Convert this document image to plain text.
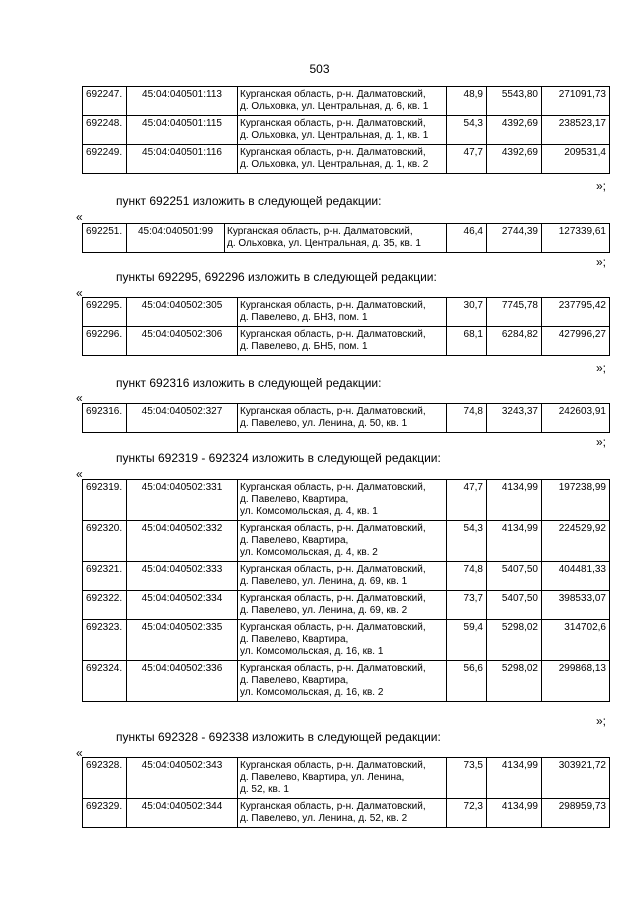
503
692247.	45:04:040501:113	Курганская область, р-н. Далматовский,
д. Ольховка, ул. Центральная, д. 6, кв. 1	48,9	5543,80	271091,73
692248.	45:04:040501:115	Курганская область, р-н. Далматовский,
д. Ольховка, ул. Центральная, д. 1, кв. 1	54,3	4392,69	238523,17
692249.	45:04:040501:116	Курганская область, р-н. Далматовский,
д. Ольховка, ул. Центральная, д. 1, кв. 2	47,7	4392,69	209531,4
»;
пункт 692251 изложить в следующей редакции:
«
692251.	45:04:040501:99	Курганская область, р-н. Далматовский,
д. Ольховка, ул. Центральная, д. 35, кв. 1	46,4	2744,39	127339,61
»;
пункты 692295, 692296 изложить в следующей редакции:
«
692295.	45:04:040502:305	Курганская область, р-н. Далматовский,
д. Павелево, д. БН3, пом. 1	30,7	7745,78	237795,42
692296.	45:04:040502:306	Курганская область, р-н. Далматовский,
д. Павелево, д. БН5, пом. 1	68,1	6284,82	427996,27
»;
пункт 692316 изложить в следующей редакции:
«
692316.	45:04:040502:327	Курганская область, р-н. Далматовский,
д. Павелево, ул. Ленина, д. 50, кв. 1	74,8	3243,37	242603,91
»;
пункты 692319 - 692324 изложить в следующей редакции:
«
692319.	45:04:040502:331	Курганская область, р-н. Далматовский,
д. Павелево, Квартира,
ул. Комсомольская, д. 4, кв. 1	47,7	4134,99	197238,99
692320.	45:04:040502:332	Курганская область, р-н. Далматовский,
д. Павелево, Квартира,
ул. Комсомольская, д. 4, кв. 2	54,3	4134,99	224529,92
692321.	45:04:040502:333	Курганская область, р-н. Далматовский,
д. Павелево, ул. Ленина, д. 69, кв. 1	74,8	5407,50	404481,33
692322.	45:04:040502:334	Курганская область, р-н. Далматовский,
д. Павелево, ул. Ленина, д. 69, кв. 2	73,7	5407,50	398533,07
692323.	45:04:040502:335	Курганская область, р-н. Далматовский,
д. Павелево, Квартира,
ул. Комсомольская, д. 16, кв. 1	59,4	5298,02	314702,6
692324.	45:04:040502:336	Курганская область, р-н. Далматовский,
д. Павелево, Квартира,
ул. Комсомольская, д. 16, кв. 2	56,6	5298,02	299868,13
»;
пункты 692328 - 692338 изложить в следующей редакции:
«
692328.	45:04:040502:343	Курганская область, р-н. Далматовский,
д. Павелево, Квартира, ул. Ленина,
д. 52, кв. 1	73,5	4134,99	303921,72
692329.	45:04:040502:344	Курганская область, р-н. Далматовский,
д. Павелево, ул. Ленина, д. 52, кв. 2	72,3	4134,99	298959,73
